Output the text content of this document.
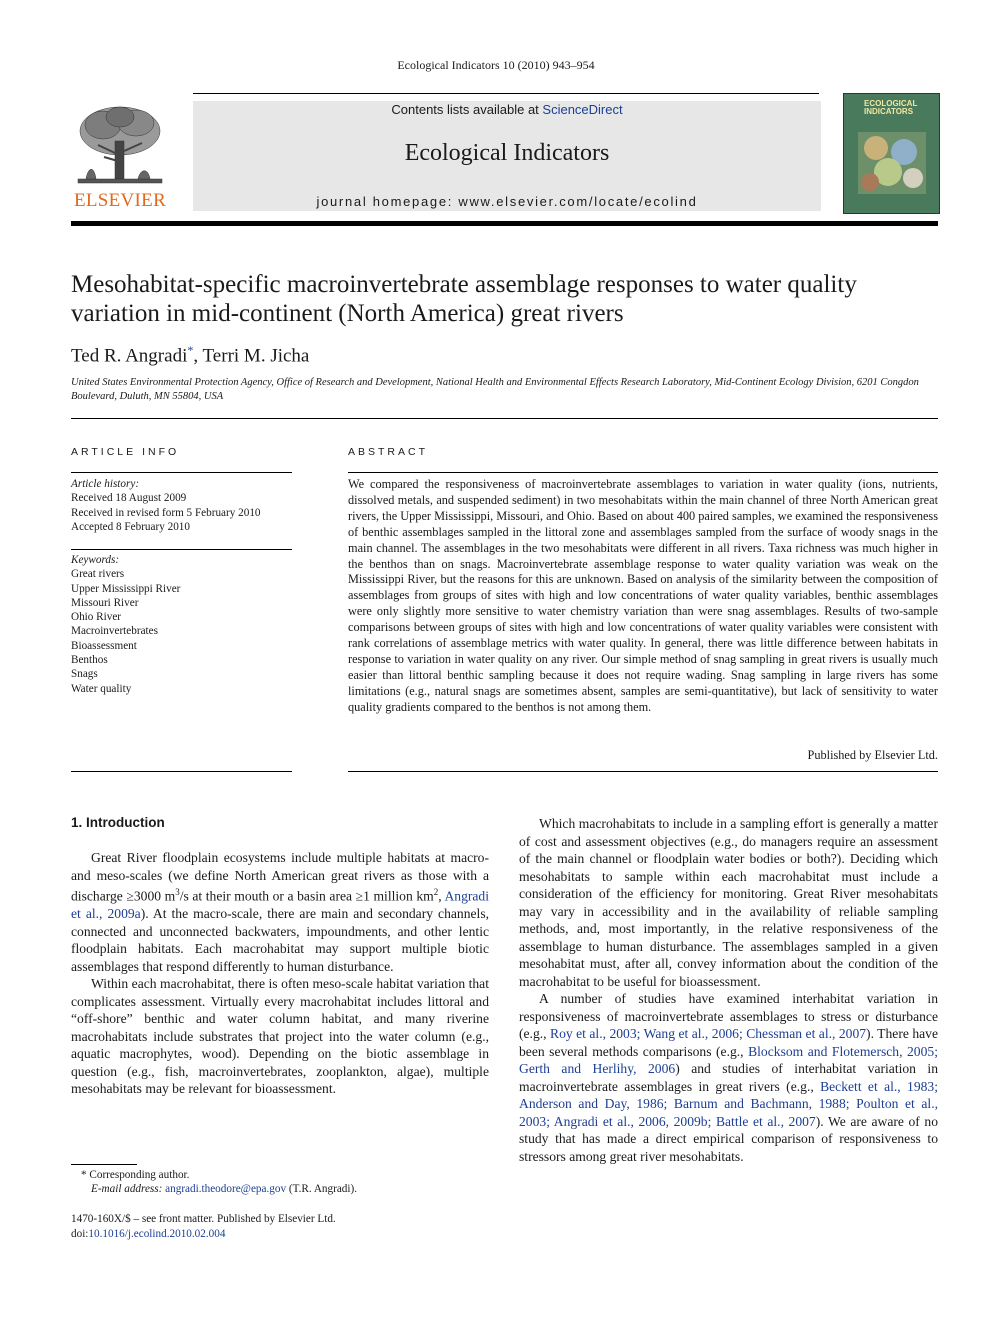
Ecological Indicators 10 (2010) 943–954
ELSEVIER
Contents lists available at ScienceDirect
Ecological Indicators
journal homepage: www.elsevier.com/locate/ecolind
ECOLOGICAL INDICATORS
Mesohabitat-specific macroinvertebrate assemblage responses to water quality variation in mid-continent (North America) great rivers
Ted R. Angradi*, Terri M. Jicha
United States Environmental Protection Agency, Office of Research and Development, National Health and Environmental Effects Research Laboratory, Mid-Continent Ecology Division, 6201 Congdon Boulevard, Duluth, MN 55804, USA
ARTICLE INFO
Article history:
Received 18 August 2009
Received in revised form 5 February 2010
Accepted 8 February 2010
Keywords:
Great rivers
Upper Mississippi River
Missouri River
Ohio River
Macroinvertebrates
Bioassessment
Benthos
Snags
Water quality
ABSTRACT
We compared the responsiveness of macroinvertebrate assemblages to variation in water quality (ions, nutrients, dissolved metals, and suspended sediment) in two mesohabitats within the main channel of three North American great rivers, the Upper Mississippi, Missouri, and Ohio. Based on about 400 paired samples, we examined the responsiveness of benthic assemblages sampled in the littoral zone and assemblages sampled from the surface of woody snags in the main channel. The assemblages in the two mesohabitats were different in all rivers. Taxa richness was much higher in the benthos than on snags. Macroinvertebrate assemblage response to water quality variation was weak on the Mississippi River, but the reasons for this are unknown. Based on analysis of the similarity between the composition of assemblages from groups of sites with high and low concentrations of water quality variables, benthic assemblages were only slightly more sensitive to water chemistry variation than were snag assemblages. Results of two-sample comparisons between groups of sites with high and low concentrations of water quality variables were consistent with rank correlations of assemblage metrics with water quality. In general, there was little difference between habitats in response to variation in water quality on any river. Our simple method of snag sampling in great rivers is usually much easier than littoral benthic sampling because it does not require wading. Snag sampling in large rivers has some limitations (e.g., natural snags are sometimes absent, samples are semi-quantitative), but lack of sensitivity to water quality gradients compared to the benthos is not among them.
Published by Elsevier Ltd.
1. Introduction

Great River floodplain ecosystems include multiple habitats at macro- and meso-scales (we define North American great rivers as those with a discharge ≥3000 $m^3/s$ at their mouth or a basin area ≥1 million $km^2$, Angradi et al., 2009a). At the macro-scale, there are main and secondary channels, connected and unconnected backwaters, impoundments, and other lentic floodplain habitats. Each macrohabitat may support multiple biotic assemblages that respond differently to human disturbance.

Within each macrohabitat, there is often meso-scale habitat variation that complicates assessment. Virtually every macrohabitat includes littoral and “off-shore” benthic and water column habitat, and many riverine macrohabitats include substrates that project into the water column (e.g., aquatic macrophytes, wood). Depending on the biotic assemblage in question (e.g., fish, macroinvertebrates, zooplankton, algae), multiple mesohabitats may be relevant for bioassessment.

Which macrohabitats to include in a sampling effort is generally a matter of cost and assessment objectives (e.g., do managers require an assessment of the main channel or floodplain water bodies or both?). Deciding which mesohabitats to sample within each macrohabitat must include a consideration of the efficiency for monitoring. Great River mesohabitats may vary in accessibility and in the availability of reliable sampling methods, and, most importantly, in the relative responsiveness of the assemblage to human disturbance. The assemblages sampled in a given mesohabitat must, after all, convey information about the condition of the macrohabitat to be useful for bioassessment.

A number of studies have examined interhabitat variation in responsiveness of macroinvertebrate assemblages to stress or disturbance (e.g., Roy et al., 2003; Wang et al., 2006; Chessman et al., 2007). There have been several methods comparisons (e.g., Blocksom and Flotemersch, 2005; Gerth and Herlihy, 2006) and studies of interhabitat variation in macroinvertebrate assemblages in great rivers (e.g., Beckett et al., 1983; Anderson and Day, 1986; Barnum and Bachmann, 1988; Poulton et al., 2003; Angradi et al., 2006, 2009b; Battle et al., 2007). We are aware of no study that has made a direct empirical comparison of responsiveness to stressors among great river mesohabitats.

* Corresponding author.
E-mail address: angradi.theodore@epa.gov (T.R. Angradi).
1470-160X/$ – see front matter. Published by Elsevier Ltd.
doi:10.1016/j.ecolind.2010.02.004
